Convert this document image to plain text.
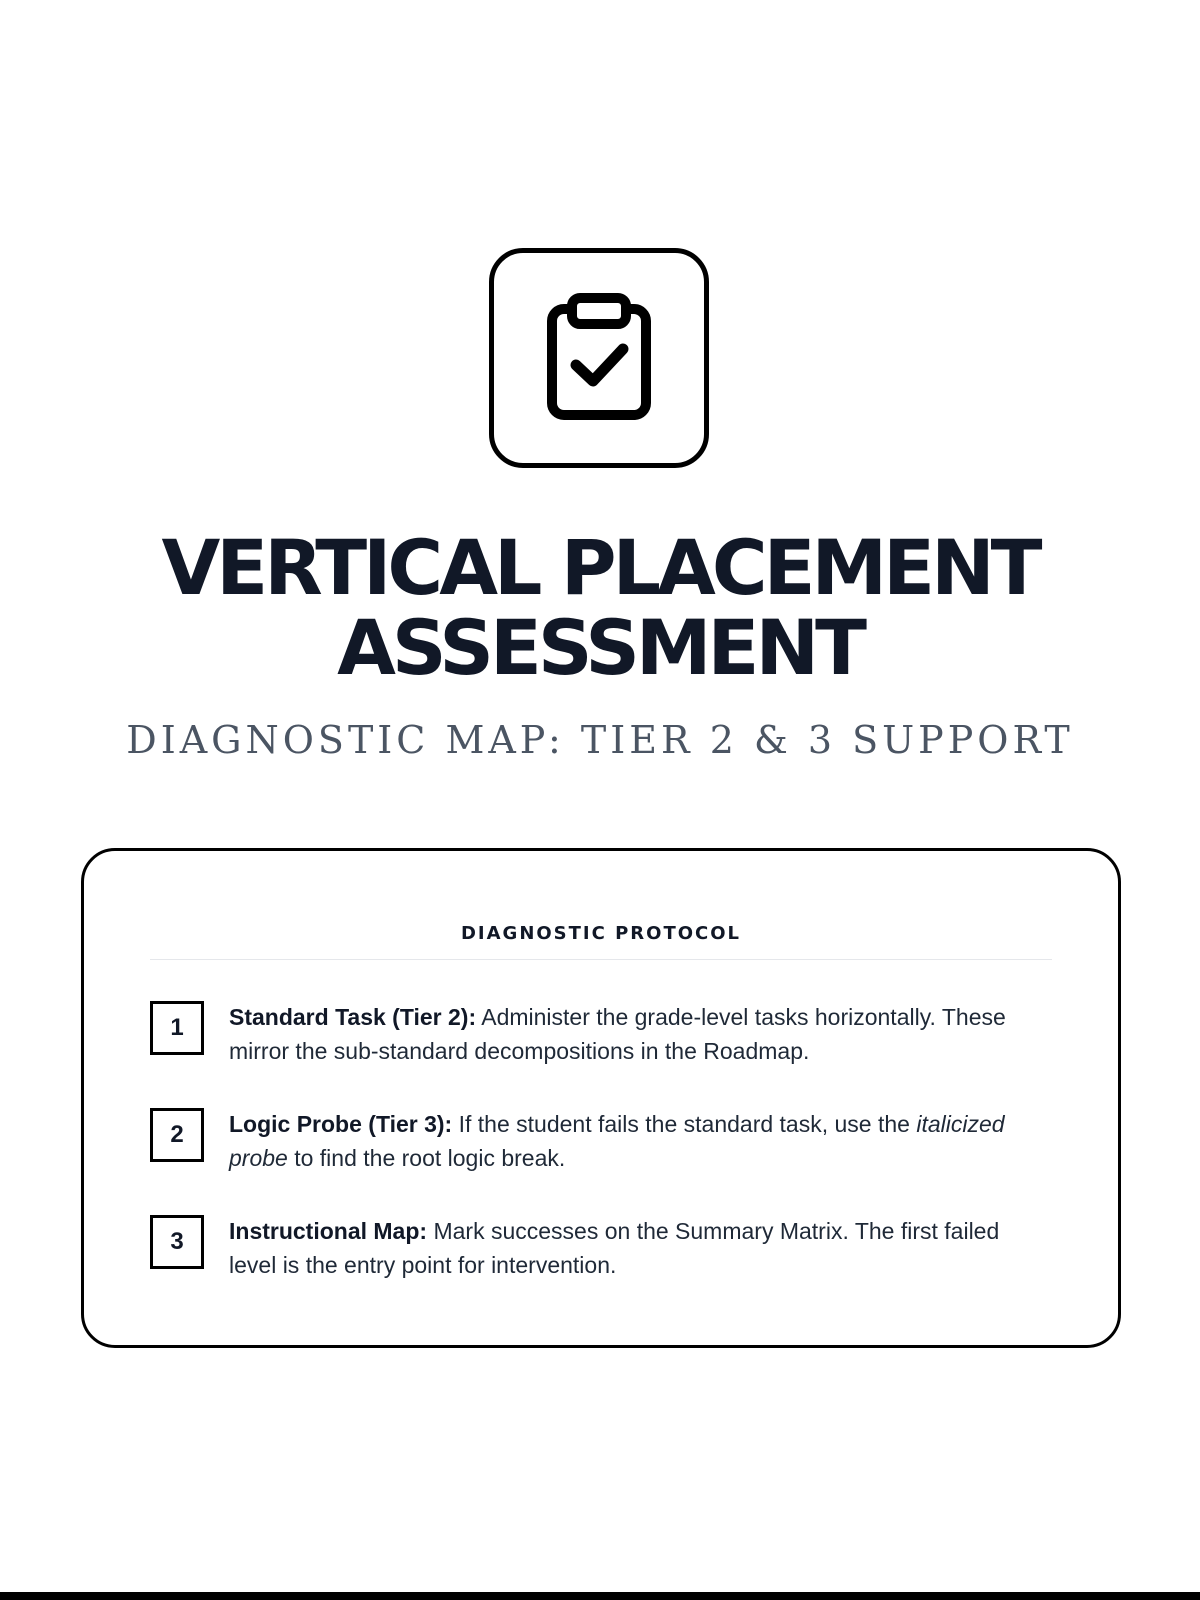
VERTICAL PLACEMENT
ASSESSMENT

DIAGNOSTIC MAP: TIER 2 & 3 SUPPORT

DIAGNOSTIC PROTOCOL
1	Standard Task (Tier 2): Administer the grade-level tasks horizontally. These mirror the sub-standard decompositions in the Roadmap.
2	Logic Probe (Tier 3): If the student fails the standard task, use the italicized probe to find the root logic break.
3	Instructional Map: Mark successes on the Summary Matrix. The first failed level is the entry point for intervention.
